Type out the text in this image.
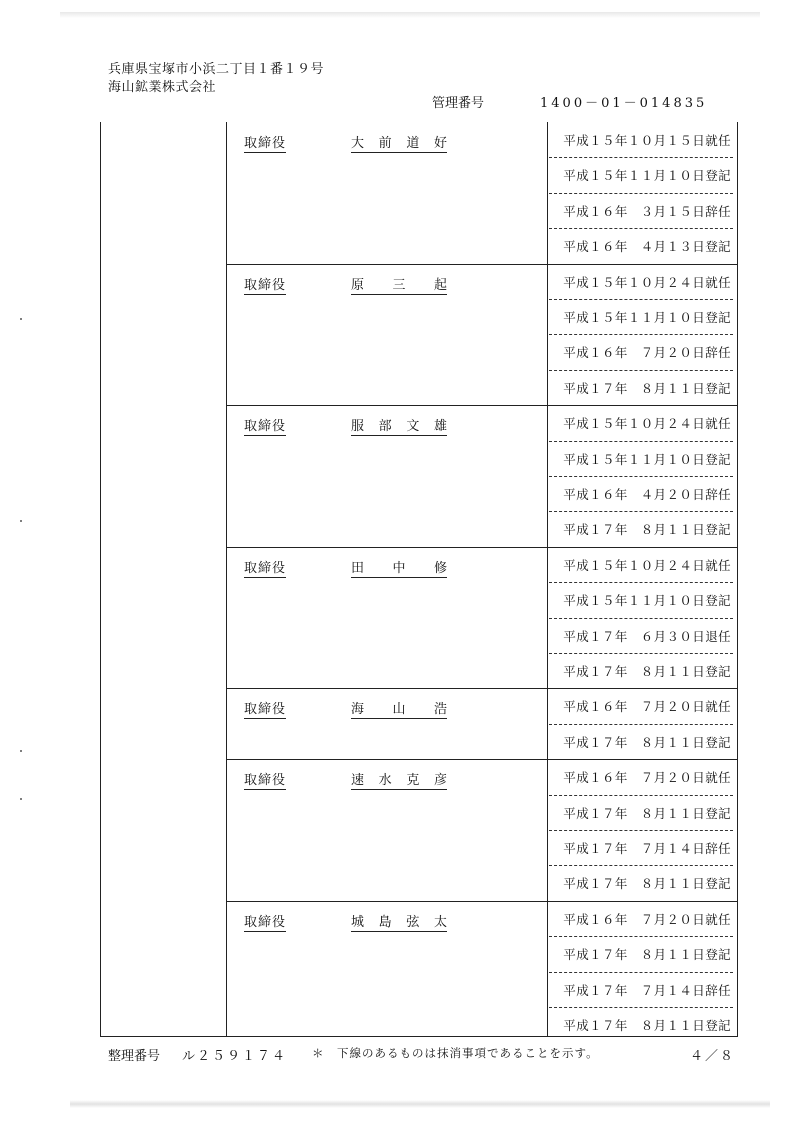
兵庫県宝塚市小浜二丁目１番１９号
海山鉱業株式会社
管理番号	1400－01－014835
取締役	大 前 道 好	平成１５年１０月１５日就任
平成１５年１１月１０日登記
平成１６年　３月１５日辞任
平成１６年　４月１３日登記
取締役	原 三 起	平成１５年１０月２４日就任
平成１５年１１月１０日登記
平成１６年　７月２０日辞任
平成１７年　８月１１日登記
取締役	服 部 文 雄	平成１５年１０月２４日就任
平成１５年１１月１０日登記
平成１６年　４月２０日辞任
平成１７年　８月１１日登記
取締役	田 中 修	平成１５年１０月２４日就任
平成１５年１１月１０日登記
平成１７年　６月３０日退任
平成１７年　８月１１日登記
取締役	海 山 浩	平成１６年　７月２０日就任
平成１７年　８月１１日登記
取締役	速 水 克 彦	平成１６年　７月２０日就任
平成１７年　８月１１日登記
平成１７年　７月１４日辞任
平成１７年　８月１１日登記
取締役	城 島 弦 太	平成１６年　７月２０日就任
平成１７年　８月１１日登記
平成１７年　７月１４日辞任
平成１７年　８月１１日登記
整理番号 ル２５９１７４ ＊　下線のあるものは抹消事項であることを示す。	４／８
